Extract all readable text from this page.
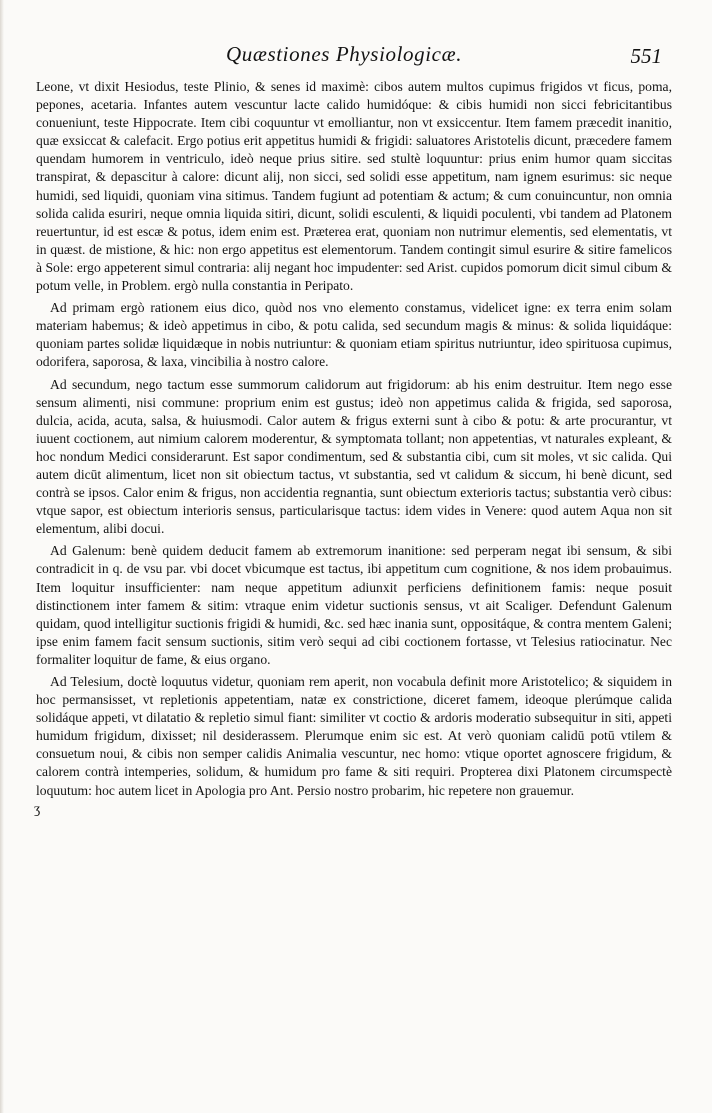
Quæstiones Physiologicæ.	551

Leone, vt dixit Hesiodus, teste Plinio, & senes id maximè: cibos autem multos cupimus frigidos vt ficus, poma, pepones, acetaria. Infantes autem vescuntur lacte calido humidóque: & cibis humidi non sicci febricitantibus conueniunt, teste Hippocrate. Item cibi coquuntur vt emolliantur, non vt exsiccentur. Item famem præcedit inanitio, quæ exsiccat & calefacit. Ergo potius erit appetitus humidi & frigidi: saluatores Aristotelis dicunt, præcedere famem quendam humorem in ventriculo, ideò neque prius sitire. sed stultè loquuntur: prius enim humor quam siccitas transpirat, & depascitur à calore: dicunt alij, non sicci, sed solidi esse appetitum, nam ignem esurimus: sic neque humidi, sed liquidi, quoniam vina sitimus. Tandem fugiunt ad potentiam & actum; & cum conuincuntur, non omnia solida calida esuriri, neque omnia liquida sitiri, dicunt, solidi esculenti, & liquidi poculenti, vbi tandem ad Platonem reuertuntur, id est escæ & potus, idem enim est. Præterea erat, quoniam non nutrimur elementis, sed elementatis, vt in quæst. de mistione, & hic: non ergo appetitus est elementorum. Tandem contingit simul esurire & sitire famelicos à Sole: ergo appeterent simul contraria: alij negant hoc impudenter: sed Arist. cupidos pomorum dicit simul cibum & potum velle, in Problem. ergò nulla constantia in Peripato.

Ad primam ergò rationem eius dico, quòd nos vno elemento constamus, videlicet igne: ex terra enim solam materiam habemus; & ideò appetimus in cibo, & potu calida, sed secundum magis & minus: & solida liquidáque: quoniam partes solidæ liquidæque in nobis nutriuntur: & quoniam etiam spiritus nutriuntur, ideo spirituosa cupimus, odorifera, saporosa, & laxa, vincibilia à nostro calore.

Ad secundum, nego tactum esse summorum calidorum aut frigidorum: ab his enim destruitur. Item nego esse sensum alimenti, nisi commune: proprium enim est gustus; ideò non appetimus calida & frigida, sed saporosa, dulcia, acida, acuta, salsa, & huiusmodi. Calor autem & frigus externi sunt à cibo & potu: & arte procurantur, vt iuuent coctionem, aut nimium calorem moderentur, & symptomata tollant; non appetentias, vt naturales expleant, & hoc nondum Medici considerarunt. Est sapor condimentum, sed & substantia cibi, cum sit moles, vt sic calida. Qui autem dicūt alimentum, licet non sit obiectum tactus, vt substantia, sed vt calidum & siccum, hi benè dicunt, sed contrà se ipsos. Calor enim & frigus, non accidentia regnantia, sunt obiectum exterioris tactus; substantia verò cibus: vtque sapor, est obiectum interioris sensus, particularisque tactus: idem vides in Venere: quod autem Aqua non sit elementum, alibi docui.

Ad Galenum: benè quidem deducit famem ab extremorum inanitione: sed perperam negat ibi sensum, & sibi contradicit in q. de vsu par. vbi docet vbicumque est tactus, ibi appetitum cum cognitione, & nos idem probauimus. Item loquitur insufficienter: nam neque appetitum adiunxit perficiens definitionem famis: neque posuit distinctionem inter famem & sitim: vtraque enim videtur suctionis sensus, vt ait Scaliger. Defendunt Galenum quidam, quod intelligitur suctionis frigidi & humidi, &c. sed hæc inania sunt, oppositáque, & contra mentem Galeni; ipse enim famem facit sensum suctionis, sitim verò sequi ad cibi coctionem fortasse, vt Telesius ratiocinatur. Nec formaliter loquitur de fame, & eius organo.

Ad Telesium, doctè loquutus videtur, quoniam rem aperit, non vocabula definit more Aristotelico; & siquidem in hoc permansisset, vt repletionis appetentiam, natæ ex constrictione, diceret famem, ideoque plerúmque calida solidáque appeti, vt dilatatio & repletio simul fiant: similiter vt coctio & ardoris moderatio subsequitur in siti, appeti humidum frigidum, dixisset; nil desiderassem. Plerumque enim sic est. At verò quoniam calidū potū vtilem & consuetum noui, & cibis non semper calidis Animalia vescuntur, nec homo: vtique oportet agnoscere frigidum, & calorem contrà intemperies, solidum, & humidum pro fame & siti requiri. Propterea dixi Platonem circumspectè loquutum: hoc autem licet in Apologia pro Ant. Persio nostro probarim, hic repetere non grauemur.

ʒ
